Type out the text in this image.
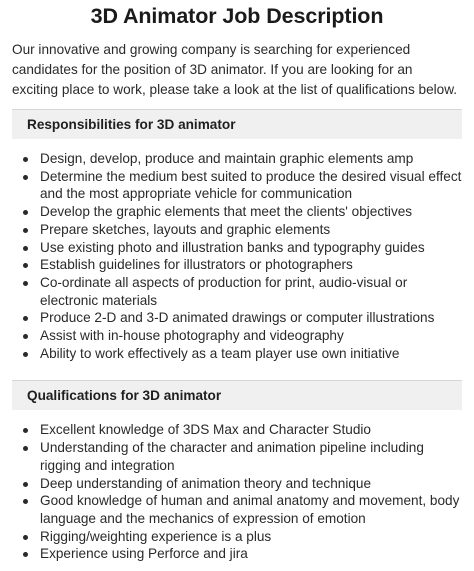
3D Animator Job Description

Our innovative and growing company is searching for experienced candidates for the position of 3D animator. If you are looking for an exciting place to work, please take a look at the list of qualifications below.

Responsibilities for 3D animator
Design, develop, produce and maintain graphic elements amp
Determine the medium best suited to produce the desired visual effect and the most appropriate vehicle for communication
Develop the graphic elements that meet the clients' objectives
Prepare sketches, layouts and graphic elements
Use existing photo and illustration banks and typography guides
Establish guidelines for illustrators or photographers
Co-ordinate all aspects of production for print, audio-visual or electronic materials
Produce 2-D and 3-D animated drawings or computer illustrations
Assist with in-house photography and videography
Ability to work effectively as a team player use own initiative
Qualifications for 3D animator
Excellent knowledge of 3DS Max and Character Studio
Understanding of the character and animation pipeline including rigging and integration
Deep understanding of animation theory and technique
Good knowledge of human and animal anatomy and movement, body language and the mechanics of expression of emotion
Rigging/weighting experience is a plus
Experience using Perforce and jira
